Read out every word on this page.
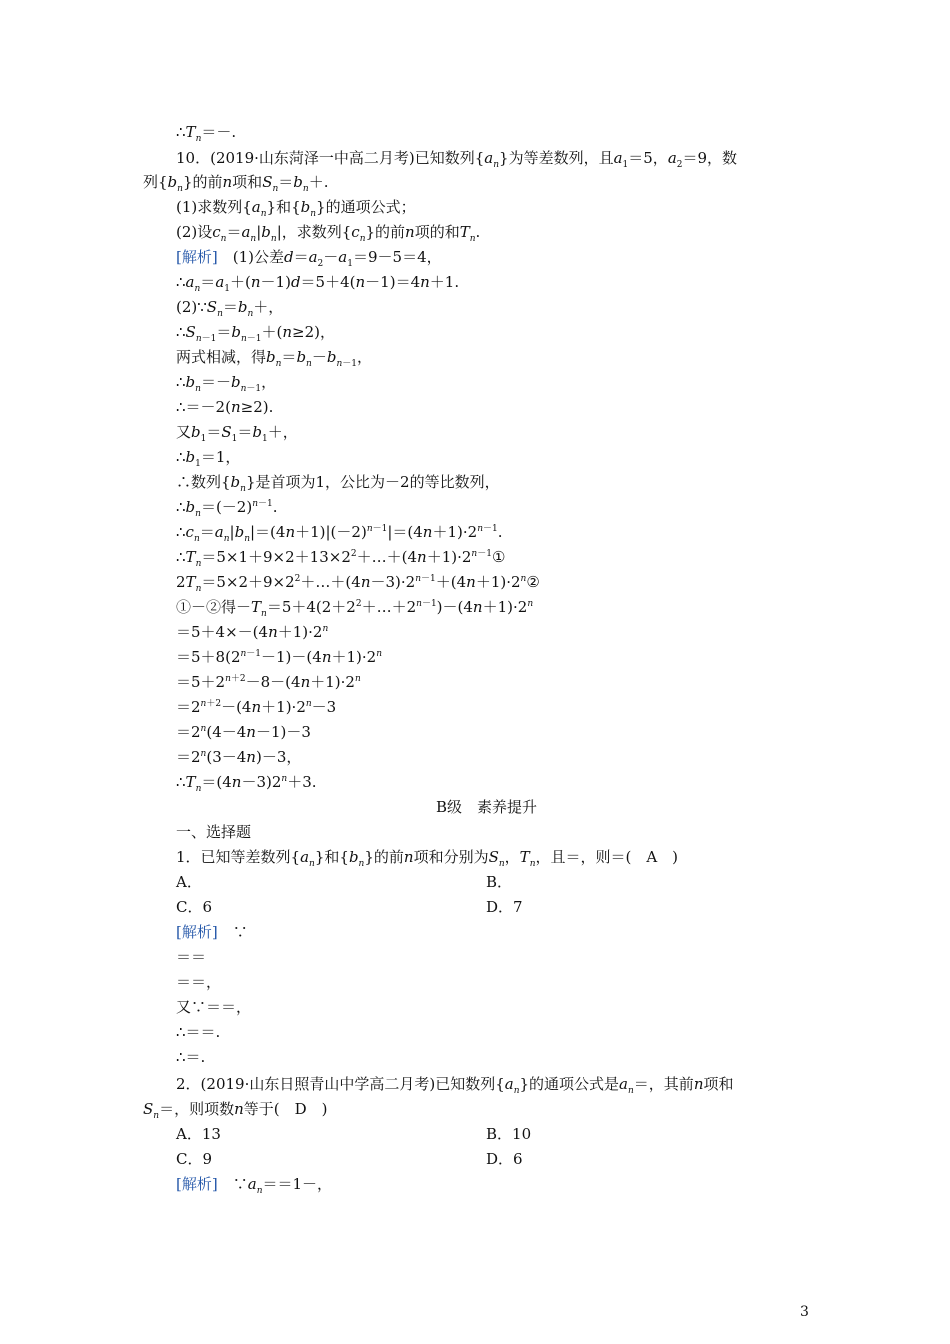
$\therefore T_n=-$.
10．(2019·山东菏泽一中高二月考)已知数列$\{a_n\}$为等差数列，且$a_1=5$，$a_2=9$，数
列$\{b_n\}$的前n项和$S_n=b_n+$.
(1)求数列$\{a_n\}$和$\{b_n\}$的通项公式；
(2)设$c_n=a_n|b_n|$，求数列$\{c_n\}$的前n项的和$T_n$.
[解析]　(1)公差$d=a_2-a_1=9-5=4$，
$\therefore a_n=a_1+(n-1)d=5+4(n-1)=4n+1$.
$(2)\because S_n=b_n+$，
$\therefore S_{n-1}=b_{n-1}+(n\ge 2)$，
两式相减，得$b_n=b_n-b_{n-1}$，
$\therefore b_n=-b_{n-1}$，
∴＝－2(n≥2).
又$b_1=S_1=b_1+$，
$\therefore b_1=1$，
∴数列$\{b_n\}$是首项为1，公比为－2的等比数列，
$\therefore b_n=(-2)^{n-1}$.
$\therefore c_n=a_n|b_n|=(4n+1)|(-2)^{n-1}|=(4n+1)\cdot 2^{n-1}$.
$\therefore T_n=5\times 1+9\times 2+13\times 2^2+\dots+(4n+1)\cdot 2^{n-1}①$
$2T_n=5\times 2+9\times 2^2+\dots+(4n-3)\cdot 2^{n-1}+(4n+1)\cdot 2^n②$
①－②得$-T_n=5+4(2+2^2+\dots+2^{n-1})-(4n+1)\cdot 2^n$
$=5+4\times-(4n+1)\cdot 2^n$
$=5+8(2^{n-1}-1)-(4n+1)\cdot 2^n$
$=5+2^{n+2}-8-(4n+1)\cdot 2^n$
$=2^{n+2}-(4n+1)\cdot 2^n-3$
$=2^n(4-4n-1)-3$
$=2^n(3-4n)-3$，
$\therefore T_n=(4n-3)2^n+3$.
B级　素养提升
一、选择题
1．已知等差数列$\{a_n\}$和$\{b_n\}$的前n项和分别为$S_n$，$T_n$，且＝，则＝(　A　)
[解析]　∵
＝＝
＝＝，
又∵＝＝，
∴＝＝.
∴＝.
2．(2019·山东日照青山中学高二月考)已知数列$\{a_n\}$的通项公式是$a_n=$，其前n项和
$S_n=$，则项数n等于(　D　)
[解析]　$\because a_n==1-$，
A．	B．
C．6	D．7
A．13	B．10
C．9	D．6
3
